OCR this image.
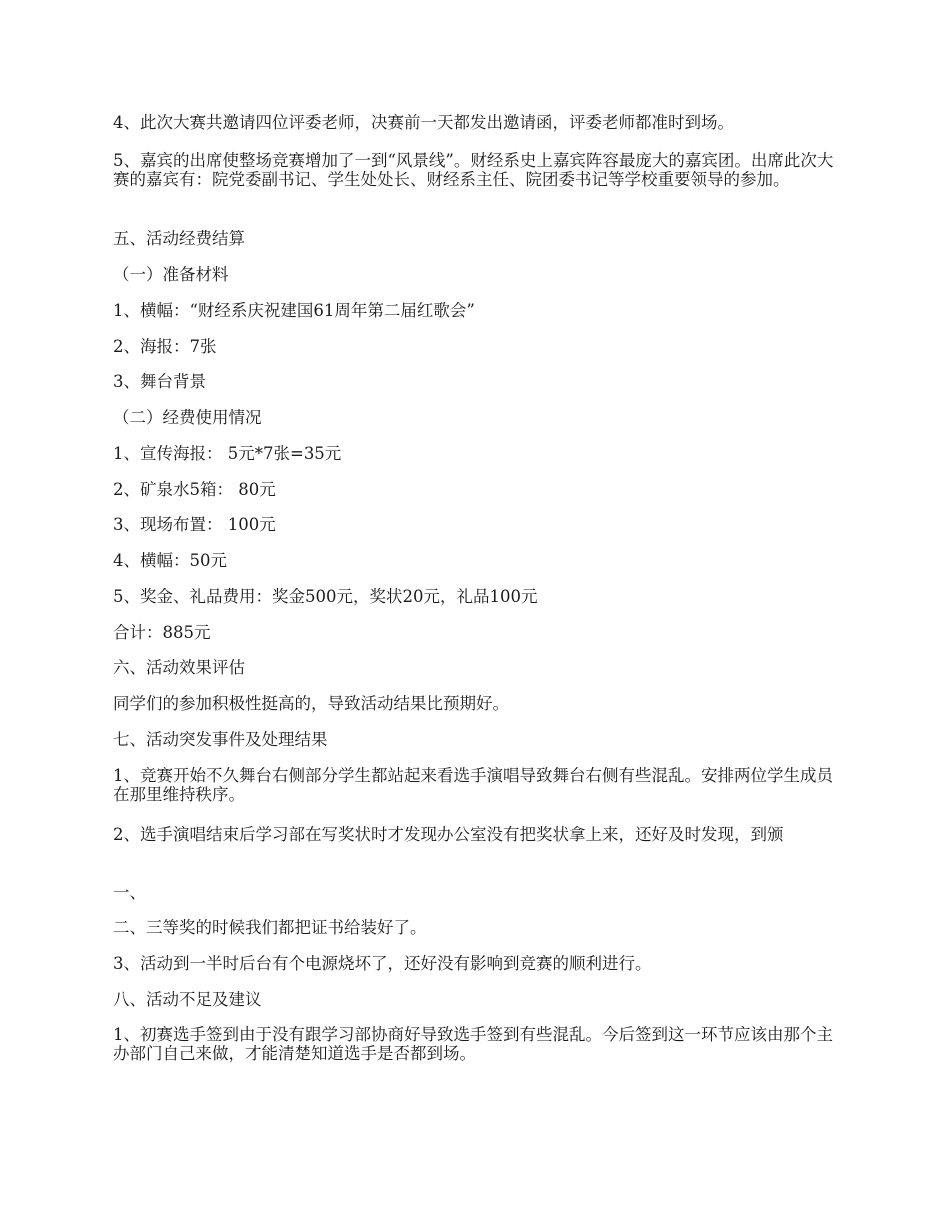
4、此次大赛共邀请四位评委老师，决赛前一天都发出邀请函，评委老师都准时到场。

5、嘉宾的出席使整场竞赛增加了一到“风景线”。财经系史上嘉宾阵容最庞大的嘉宾团。出席此次大赛的嘉宾有：院党委副书记、学生处处长、财经系主任、院团委书记等学校重要领导的参加。

五、活动经费结算

（一）准备材料

1、横幅：“财经系庆祝建国61周年第二届红歌会”

2、海报：7张

3、舞台背景

（二）经费使用情况

1、宣传海报： 5元*7张=35元

2、矿泉水5箱： 80元

3、现场布置： 100元

4、横幅：50元

5、奖金、礼品费用：奖金500元，奖状20元，礼品100元

合计：885元

六、活动效果评估

同学们的参加积极性挺高的，导致活动结果比预期好。

七、活动突发事件及处理结果

1、竞赛开始不久舞台右侧部分学生都站起来看选手演唱导致舞台右侧有些混乱。安排两位学生成员在那里维持秩序。

2、选手演唱结束后学习部在写奖状时才发现办公室没有把奖状拿上来，还好及时发现，到颁

一、

二、三等奖的时候我们都把证书给装好了。

3、活动到一半时后台有个电源烧坏了，还好没有影响到竞赛的顺利进行。

八、活动不足及建议

1、初赛选手签到由于没有跟学习部协商好导致选手签到有些混乱。今后签到这一环节应该由那个主办部门自己来做，才能清楚知道选手是否都到场。
